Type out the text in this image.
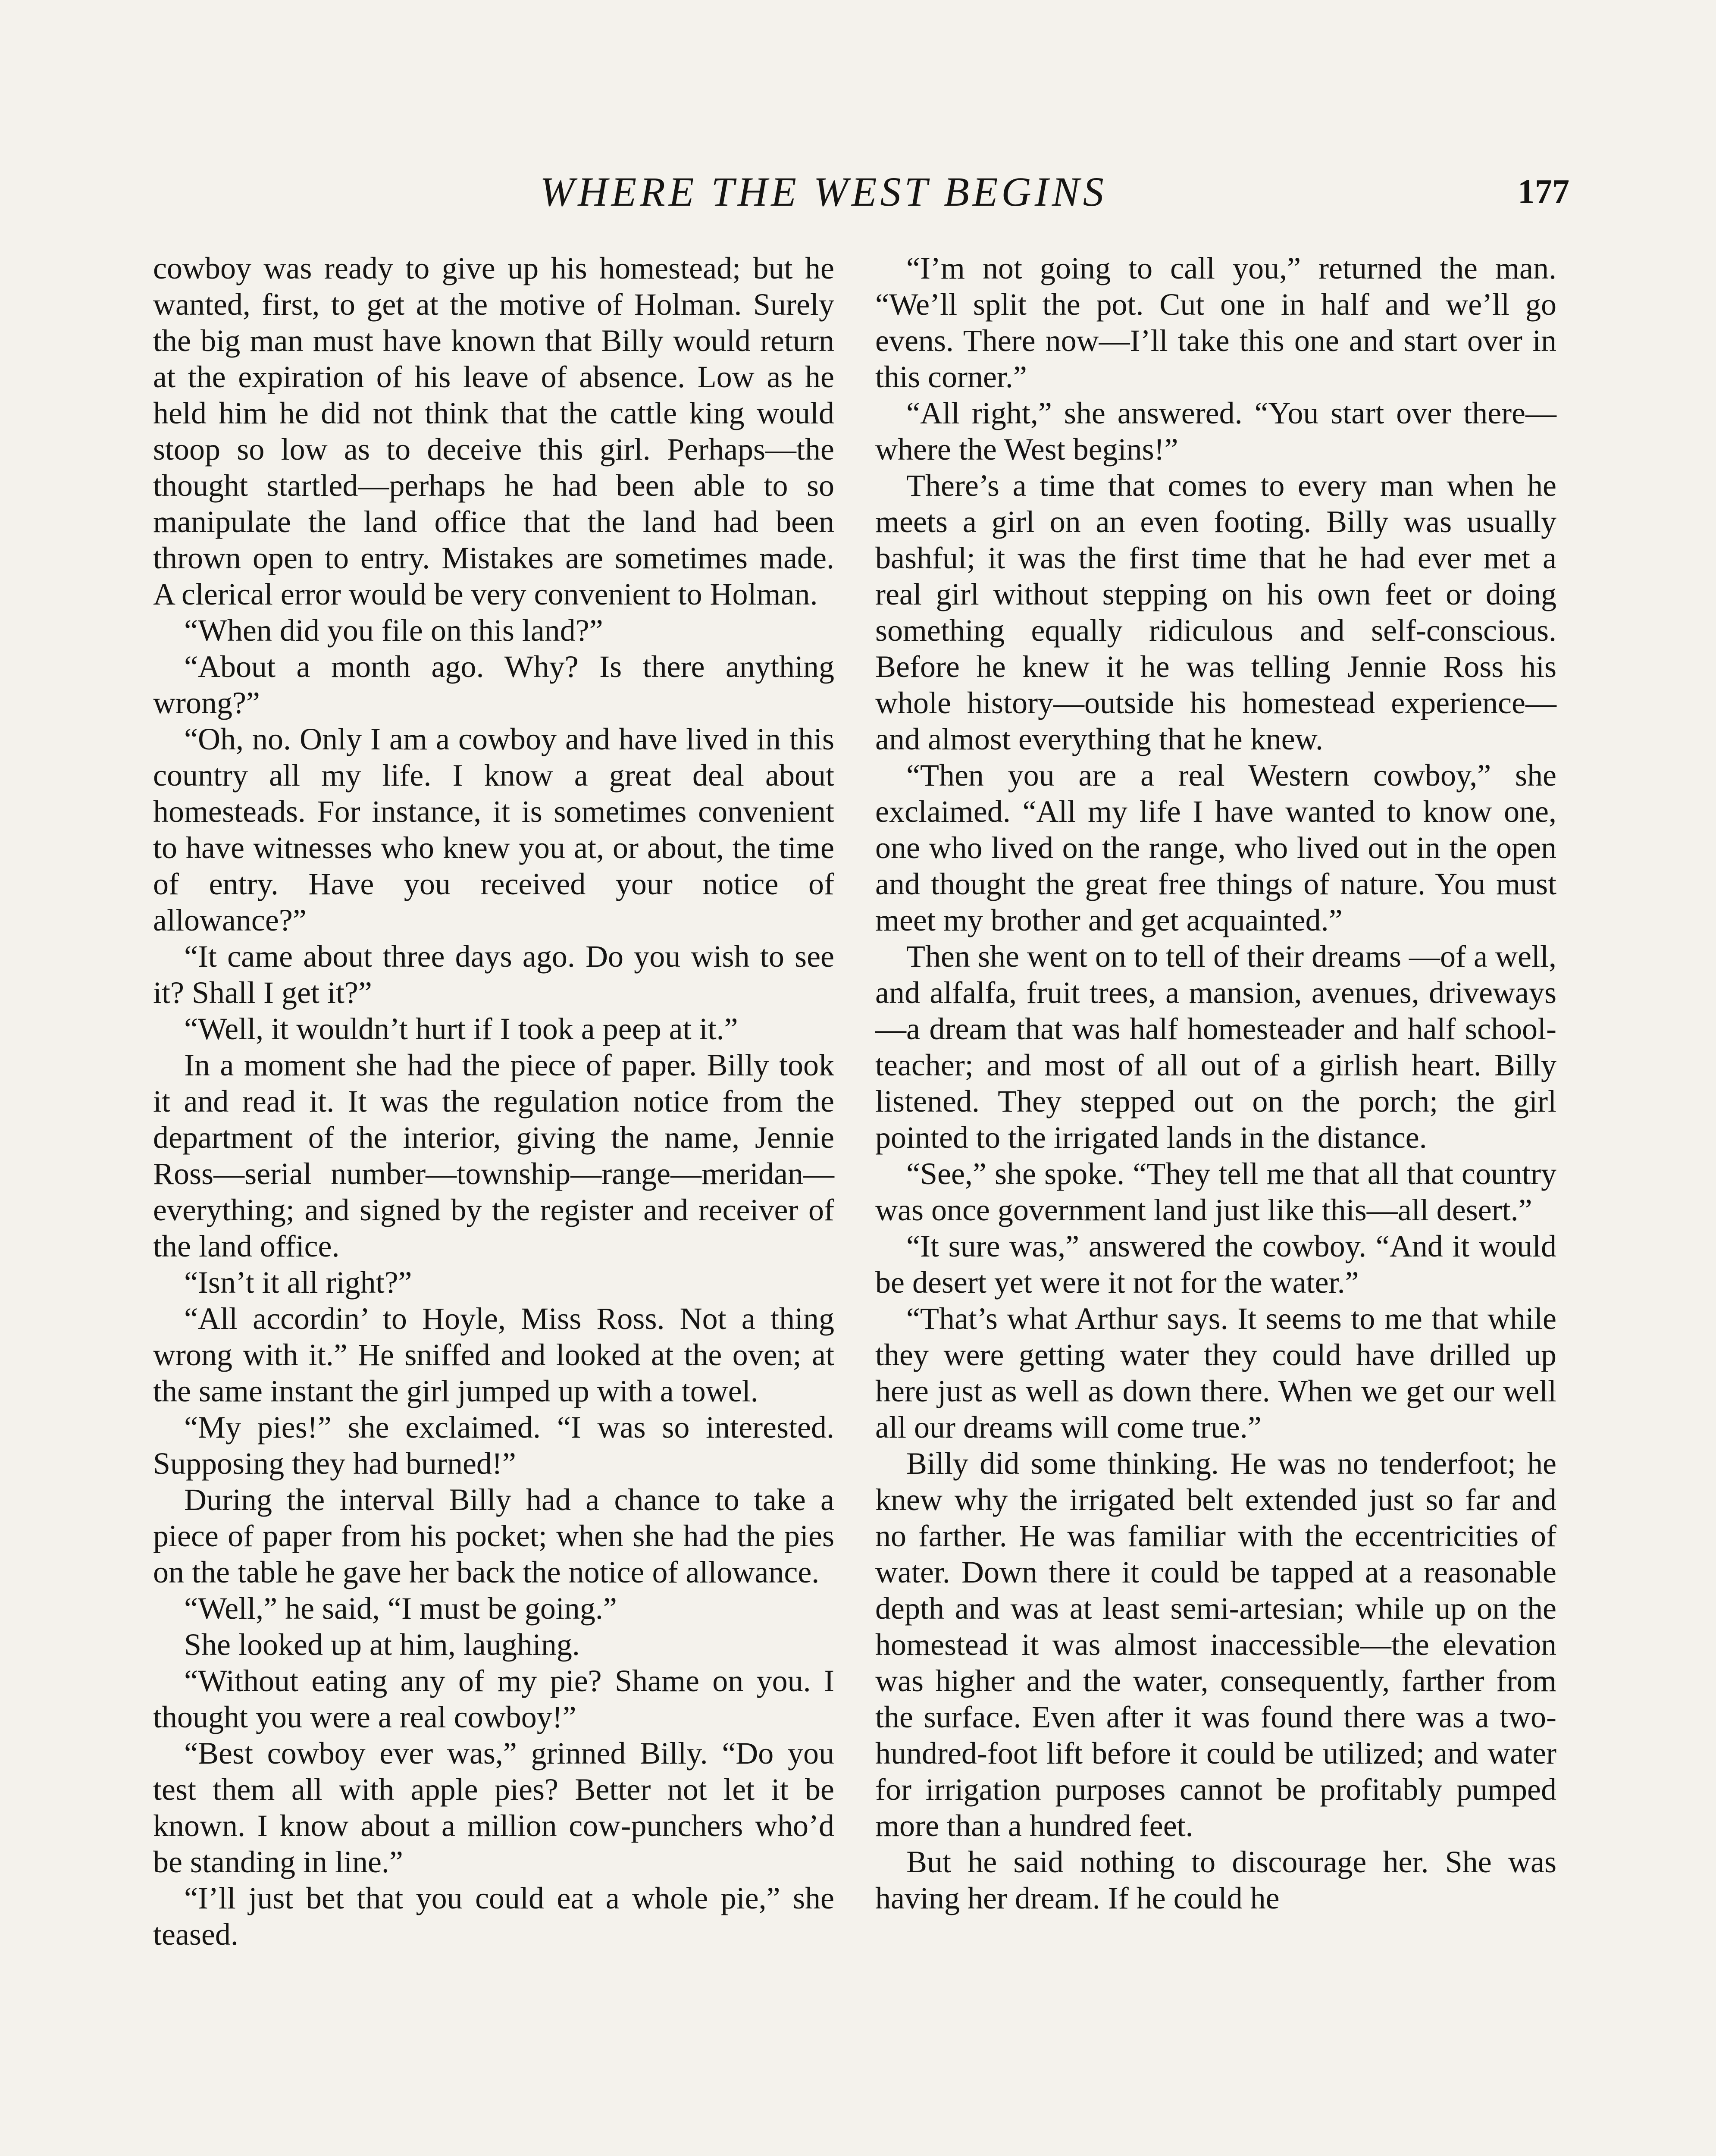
WHERE THE WEST BEGINS	177

cowboy was ready to give up his homestead; but he wanted, first, to get at the motive of Holman. Surely the big man must have known that Billy would return at the expiration of his leave of absence. Low as he held him he did not think that the cattle king would stoop so low as to deceive this girl. Perhaps—the thought startled—perhaps he had been able to so manipulate the land office that the land had been thrown open to entry. Mistakes are sometimes made. A clerical error would be very convenient to Holman.

“When did you file on this land?”

“About a month ago. Why? Is there anything wrong?”

“Oh, no. Only I am a cowboy and have lived in this country all my life. I know a great deal about homesteads. For instance, it is sometimes convenient to have witnesses who knew you at, or about, the time of entry. Have you received your notice of allowance?”

“It came about three days ago. Do you wish to see it? Shall I get it?”

“Well, it wouldn’t hurt if I took a peep at it.”

In a moment she had the piece of paper. Billy took it and read it. It was the regulation notice from the department of the interior, giving the name, Jennie Ross—serial number—township—range—meridan—everything; and signed by the register and receiver of the land office.

“Isn’t it all right?”

“All accordin’ to Hoyle, Miss Ross. Not a thing wrong with it.” He sniffed and looked at the oven; at the same instant the girl jumped up with a towel.

“My pies!” she exclaimed. “I was so interested. Supposing they had burned!”

During the interval Billy had a chance to take a piece of paper from his pocket; when she had the pies on the table he gave her back the notice of allowance.

“Well,” he said, “I must be going.”

She looked up at him, laughing.

“Without eating any of my pie? Shame on you. I thought you were a real cowboy!”

“Best cowboy ever was,” grinned Billy. “Do you test them all with apple pies? Better not let it be known. I know about a million cow-punchers who’d be standing in line.”

“I’ll just bet that you could eat a whole pie,” she teased.

“I’m not going to call you,” returned the man. “We’ll split the pot. Cut one in half and we’ll go evens. There now—I’ll take this one and start over in this corner.”

“All right,” she answered. “You start over there—where the West begins!”

There’s a time that comes to every man when he meets a girl on an even footing. Billy was usually bashful; it was the first time that he had ever met a real girl without stepping on his own feet or doing something equally ridiculous and self-conscious. Before he knew it he was telling Jennie Ross his whole history—outside his homestead experience—and almost everything that he knew.

“Then you are a real Western cowboy,” she exclaimed. “All my life I have wanted to know one, one who lived on the range, who lived out in the open and thought the great free things of nature. You must meet my brother and get acquainted.”

Then she went on to tell of their dreams —of a well, and alfalfa, fruit trees, a mansion, avenues, driveways—a dream that was half homesteader and half school-teacher; and most of all out of a girlish heart. Billy listened. They stepped out on the porch; the girl pointed to the irrigated lands in the distance.

“See,” she spoke. “They tell me that all that country was once government land just like this—all desert.”

“It sure was,” answered the cowboy. “And it would be desert yet were it not for the water.”

“That’s what Arthur says. It seems to me that while they were getting water they could have drilled up here just as well as down there. When we get our well all our dreams will come true.”

Billy did some thinking. He was no tenderfoot; he knew why the irrigated belt extended just so far and no farther. He was familiar with the eccentricities of water. Down there it could be tapped at a reasonable depth and was at least semi-artesian; while up on the homestead it was almost inaccessible—the elevation was higher and the water, consequently, farther from the surface. Even after it was found there was a two-hundred-foot lift before it could be utilized; and water for irrigation purposes cannot be profitably pumped more than a hundred feet.

But he said nothing to discourage her. She was having her dream. If he could he
